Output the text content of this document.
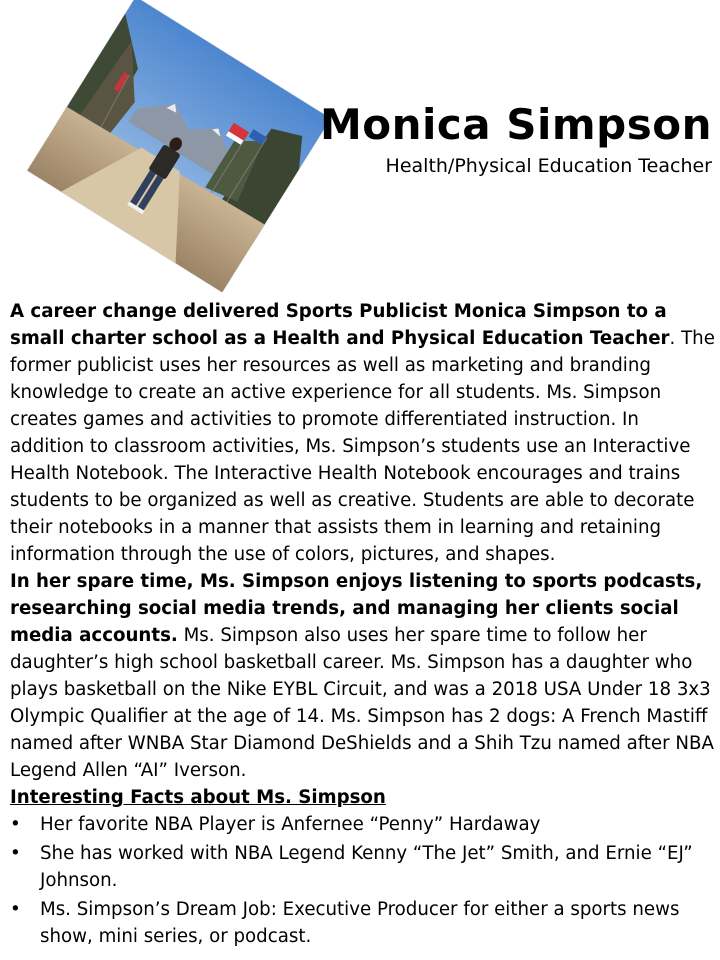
Monica Simpson

Health/Physical Education Teacher

A career change delivered Sports Publicist Monica Simpson to a small charter school as a Health and Physical Education Teacher. The former publicist uses her resources as well as marketing and branding knowledge to create an active experience for all students. Ms. Simpson creates games and activities to promote differentiated instruction. In addition to classroom activities, Ms. Simpson’s students use an Interactive Health Notebook. The Interactive Health Notebook encourages and trains students to be organized as well as creative. Students are able to decorate their notebooks in a manner that assists them in learning and retaining information through the use of colors, pictures, and shapes.

In her spare time, Ms. Simpson enjoys listening to sports podcasts, researching social media trends, and managing her clients social media accounts. Ms. Simpson also uses her spare time to follow her daughter’s high school basketball career. Ms. Simpson has a daughter who plays basketball on the Nike EYBL Circuit, and was a 2018 USA Under 18 3x3 Olympic Qualifier at the age of 14. Ms. Simpson has 2 dogs: A French Mastiff named after WNBA Star Diamond DeShields and a Shih Tzu named after NBA Legend Allen “AI” Iverson.

Interesting Facts about Ms. Simpson
• Her favorite NBA Player is Anfernee “Penny” Hardaway
• She has worked with NBA Legend Kenny “The Jet” Smith, and Ernie “EJ” Johnson.
• Ms. Simpson’s Dream Job: Executive Producer for either a sports news show, mini series, or podcast.
